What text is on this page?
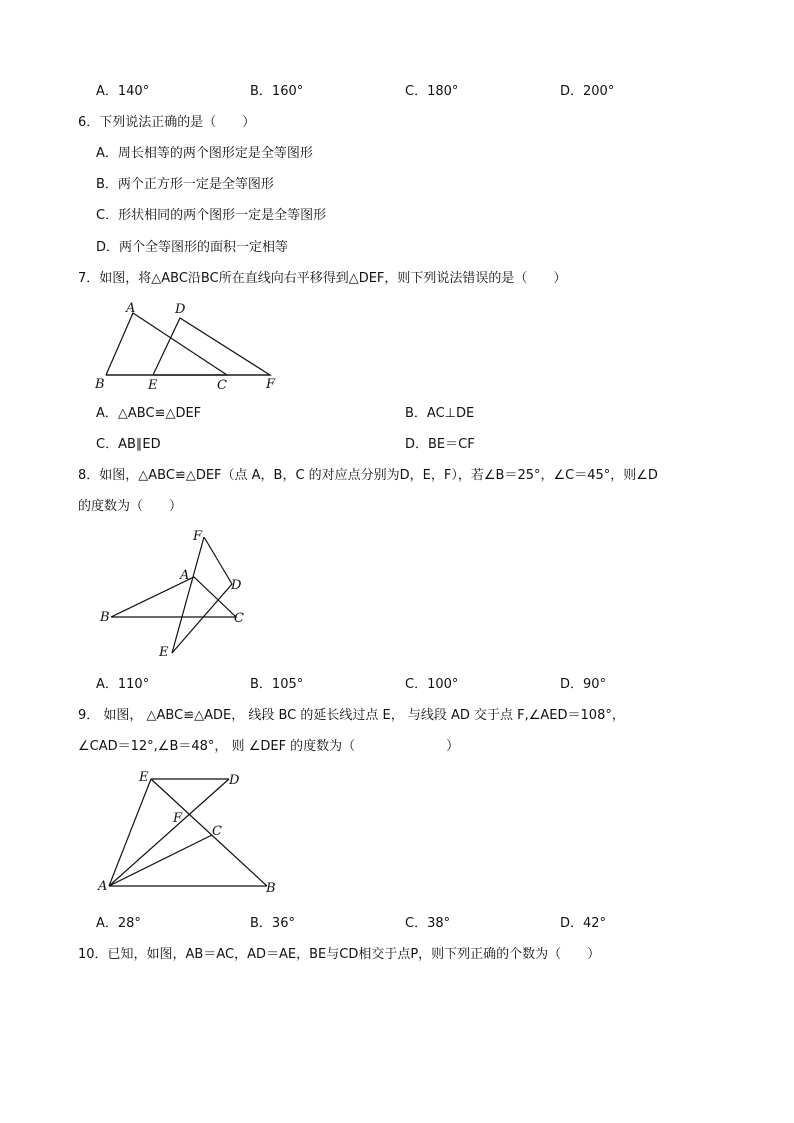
A．140°	B．160°	C．180°	D．200°
6．下列说法正确的是（　　）
A．周长相等的两个图形定是全等图形
B．两个正方形一定是全等图形
C．形状相同的两个图形一定是全等图形
D．两个全等图形的面积一定相等
7．如图，将△ABC沿BC所在直线向右平移得到△DEF，则下列说法错误的是（　　）
A	D
B	E	C	F
A．△ABC≌△DEF	B．AC⊥DE
C．AB∥ED	D．BE＝CF
8．如图，△ABC≌△DEF（点 A，B，C 的对应点分别为D，E，F），若∠B＝25°，∠C＝45°，则∠D
的度数为（　　）
F
A
D
B	C
E
A．110°	B．105°	C．100°	D．90°
9． 如图， △ABC≌△ADE， 线段 BC 的延长线过点 E， 与线段 AD 交于点 F,∠AED＝108°，
∠CAD＝12°,∠B＝48°， 则 ∠DEF 的度数为（　　　　　　　）
E	D
F
C
A	B
A．28°	B．36°	C．38°	D．42°
10．已知，如图，AB＝AC，AD＝AE，BE与CD相交于点P，则下列正确的个数为（　　）
